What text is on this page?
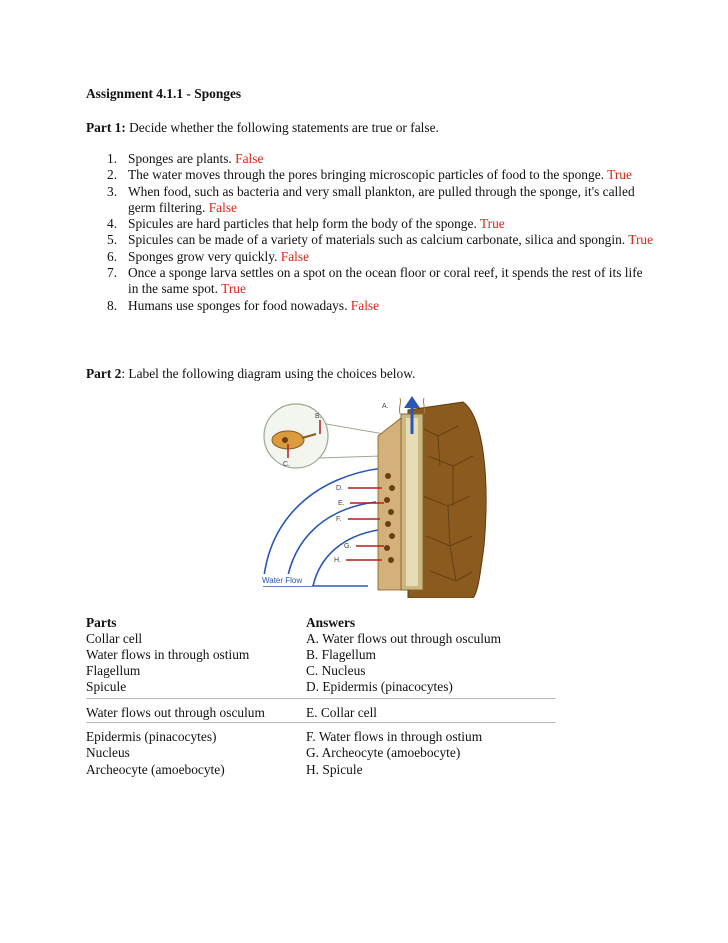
Assignment 4.1.1 - Sponges
Part 1: Decide whether the following statements are true or false.
1. Sponges are plants. False
2. The water moves through the pores bringing microscopic particles of food to the sponge. True
3. When food, such as bacteria and very small plankton, are pulled through the sponge, it's called germ filtering. False
4. Spicules are hard particles that help form the body of the sponge. True
5. Spicules can be made of a variety of materials such as calcium carbonate, silica and spongin. True
6. Sponges grow very quickly. False
7. Once a sponge larva settles on a spot on the ocean floor or coral reef, it spends the rest of its life in the same spot. True
8. Humans use sponges for food nowadays. False
Part 2: Label the following diagram using the choices below.
Water Flow
B.
C.
A.
D.
E.
F.
G.
H.
Parts	Answers
Collar cell
Water flows in through ostium
Flagellum
Spicule
Water flows out through osculum
Epidermis (pinacocytes)
Nucleus
Archeocyte (amoebocyte)
A. Water flows out through osculum
B. Flagellum
C. Nucleus
D. Epidermis (pinacocytes)
E. Collar cell
F. Water flows in through ostium
G. Archeocyte (amoebocyte)
H. Spicule
